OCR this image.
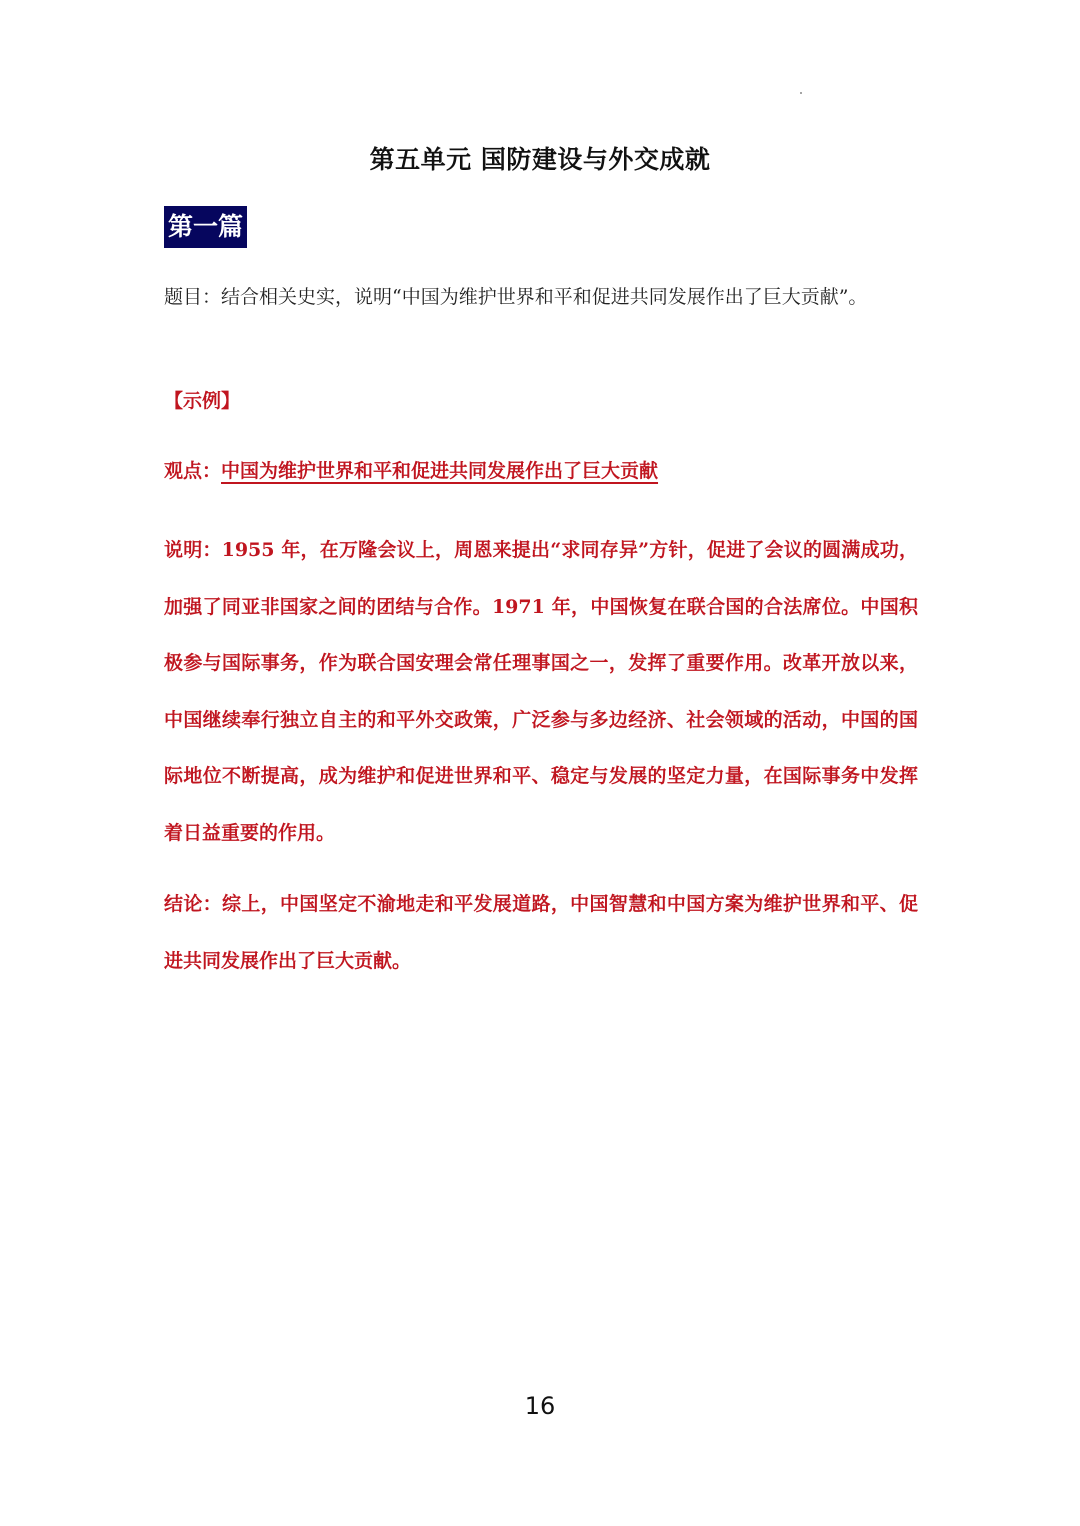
第五单元 国防建设与外交成就
第一篇
题目：结合相关史实，说明“中国为维护世界和平和促进共同发展作出了巨大贡献”。
【示例】
观点：中国为维护世界和平和促进共同发展作出了巨大贡献
说明：1955 年，在万隆会议上，周恩来提出“求同存异”方针，促进了会议的圆满成功，加强了同亚非国家之间的团结与合作。1971 年，中国恢复在联合国的合法席位。中国积极参与国际事务，作为联合国安理会常任理事国之一，发挥了重要作用。改革开放以来，中国继续奉行独立自主的和平外交政策，广泛参与多边经济、社会领域的活动，中国的国际地位不断提高，成为维护和促进世界和平、稳定与发展的坚定力量，在国际事务中发挥着日益重要的作用。
结论：综上，中国坚定不渝地走和平发展道路，中国智慧和中国方案为维护世界和平、促进共同发展作出了巨大贡献。
16
